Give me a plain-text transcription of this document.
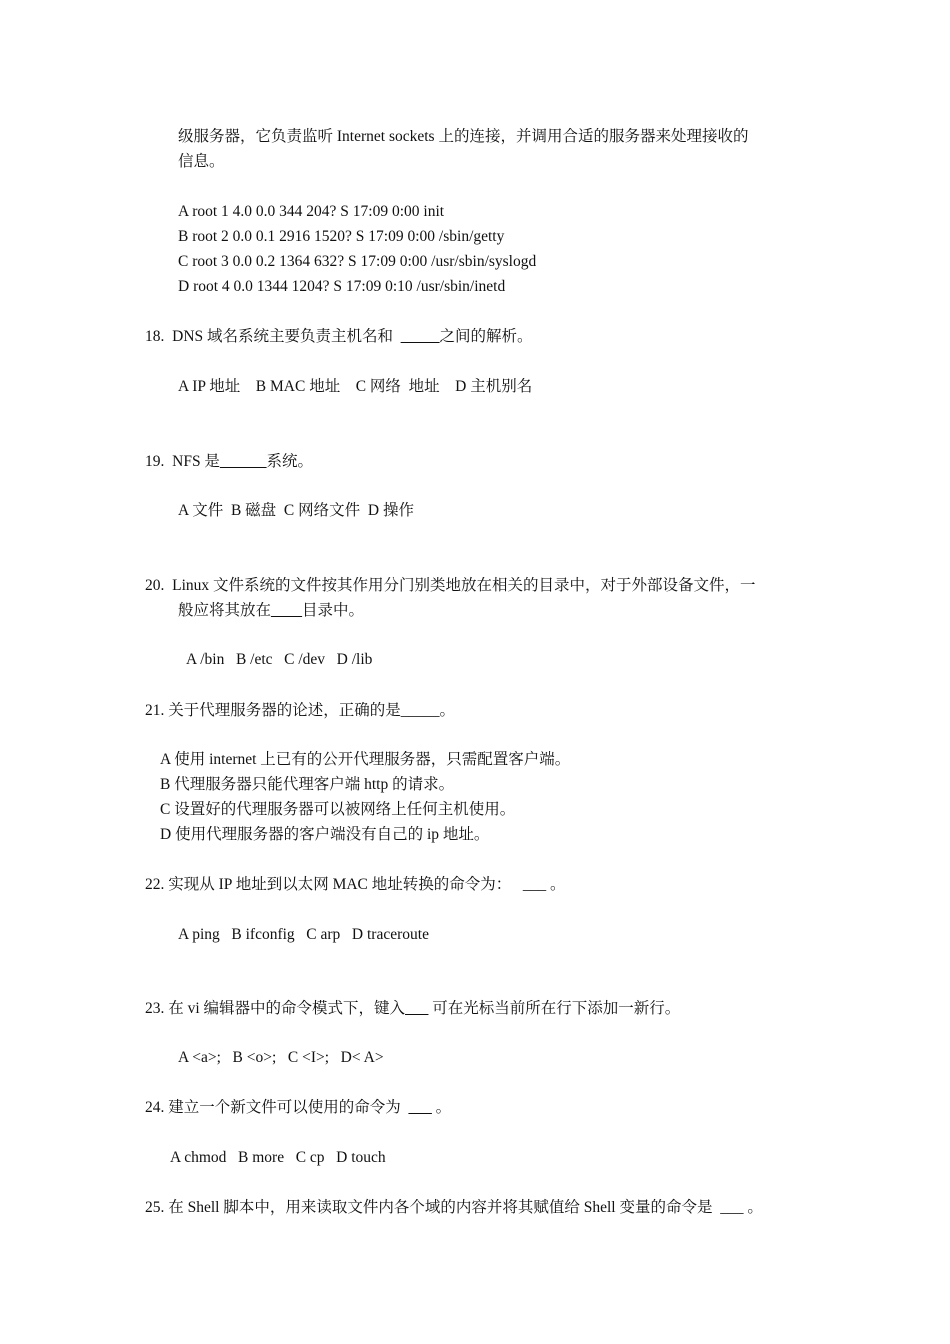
级服务器，它负责监听 Internet sockets 上的连接，并调用合适的服务器来处理接收的
信息。
A root 1 4.0 0.0 344 204? S 17:09 0:00 init
B root 2 0.0 0.1 2916 1520? S 17:09 0:00 /sbin/getty
C root 3 0.0 0.2 1364 632? S 17:09 0:00 /usr/sbin/syslogd
D root 4 0.0 1344 1204? S 17:09 0:10 /usr/sbin/inetd
18.  DNS 域名系统主要负责主机名和  _____之间的解析。
A IP 地址    B MAC 地址    C 网络  地址    D 主机别名
19.  NFS 是______系统。
A 文件  B 磁盘  C 网络文件  D 操作
20.  Linux 文件系统的文件按其作用分门别类地放在相关的目录中，对于外部设备文件，一
般应将其放在____目录中。
A /bin   B /etc   C /dev   D /lib
21. 关于代理服务器的论述，正确的是_____。
A 使用 internet 上已有的公开代理服务器，只需配置客户端。
B 代理服务器只能代理客户端 http 的请求。
C 设置好的代理服务器可以被网络上任何主机使用。
D 使用代理服务器的客户端没有自己的 ip 地址。
22. 实现从 IP 地址到以太网 MAC 地址转换的命令为：   ___ 。
A ping   B ifconfig   C arp   D traceroute
23. 在 vi 编辑器中的命令模式下，键入___ 可在光标当前所在行下添加一新行。
A <a>;   B <o>;   C <I>;   D< A>
24. 建立一个新文件可以使用的命令为  ___ 。
A chmod   B more   C cp   D touch
25. 在 Shell 脚本中，用来读取文件内各个域的内容并将其赋值给 Shell 变量的命令是  ___ 。
